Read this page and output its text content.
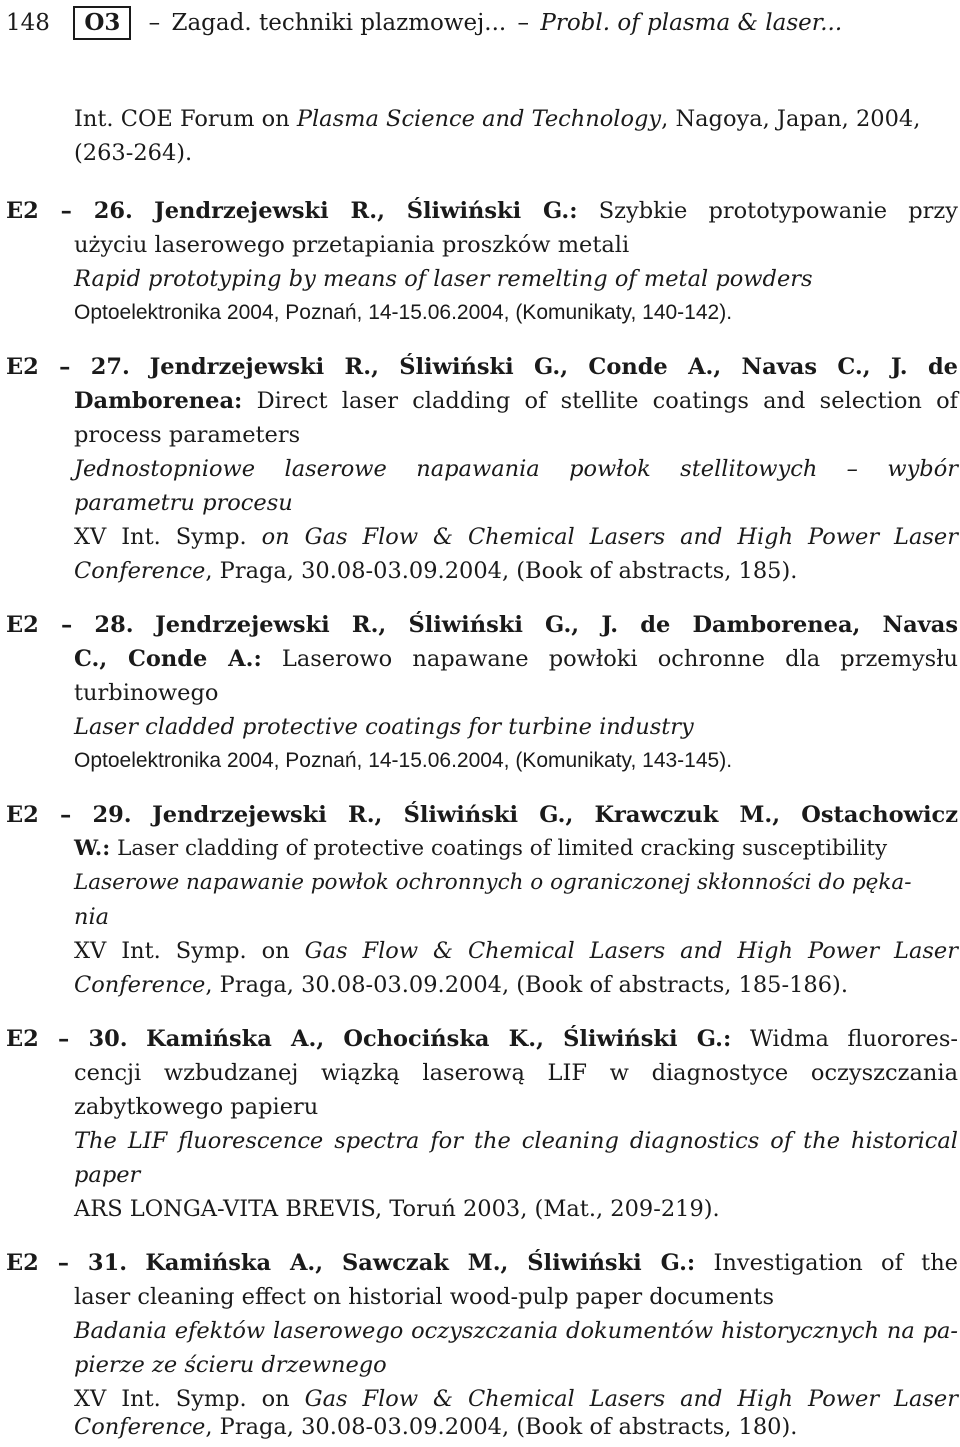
148 O3 – Zagad. techniki plazmowej... – Probl. of plasma & laser...
Int. COE Forum on Plasma Science and Technology, Nagoya, Japan, 2004,
(263-264).
E2 – 26. Jendrzejewski R., Śliwiński G.: Szybkie prototypowanie przy
użyciu laserowego przetapiania proszków metali
Rapid prototyping by means of laser remelting of metal powders
Optoelektronika 2004, Poznań, 14-15.06.2004, (Komunikaty, 140-142).
E2 – 27. Jendrzejewski R., Śliwiński G., Conde A., Navas C., J. de
Damborenea: Direct laser cladding of stellite coatings and selection of
process parameters
Jednostopniowe laserowe napawania powłok stellitowych – wybór
parametru procesu
XV Int. Symp. on Gas Flow & Chemical Lasers and High Power Laser
Conference, Praga, 30.08-03.09.2004, (Book of abstracts, 185).
E2 – 28. Jendrzejewski R., Śliwiński G., J. de Damborenea, Navas
C., Conde A.: Laserowo napawane powłoki ochronne dla przemysłu
turbinowego
Laser cladded protective coatings for turbine industry
Optoelektronika 2004, Poznań, 14-15.06.2004, (Komunikaty, 143-145).
E2 – 29. Jendrzejewski R., Śliwiński G., Krawczuk M., Ostachowicz
W.: Laser cladding of protective coatings of limited cracking susceptibility
Laserowe napawanie powłok ochronnych o ograniczonej skłonności do pęka-
nia
XV Int. Symp. on Gas Flow & Chemical Lasers and High Power Laser
Conference, Praga, 30.08-03.09.2004, (Book of abstracts, 185-186).
E2 – 30. Kamińska A., Ochocińska K., Śliwiński G.: Widma fluorores-
cencji wzbudzanej wiązką laserową LIF w diagnostyce oczyszczania
zabytkowego papieru
The LIF fluorescence spectra for the cleaning diagnostics of the historical
paper
ARS LONGA-VITA BREVIS, Toruń 2003, (Mat., 209-219).
E2 – 31. Kamińska A., Sawczak M., Śliwiński G.: Investigation of the
laser cleaning effect on historial wood-pulp paper documents
Badania efektów laserowego oczyszczania dokumentów historycznych na pa-
pierze ze ścieru drzewnego
XV Int. Symp. on Gas Flow & Chemical Lasers and High Power Laser
Conference, Praga, 30.08-03.09.2004, (Book of abstracts, 180).
